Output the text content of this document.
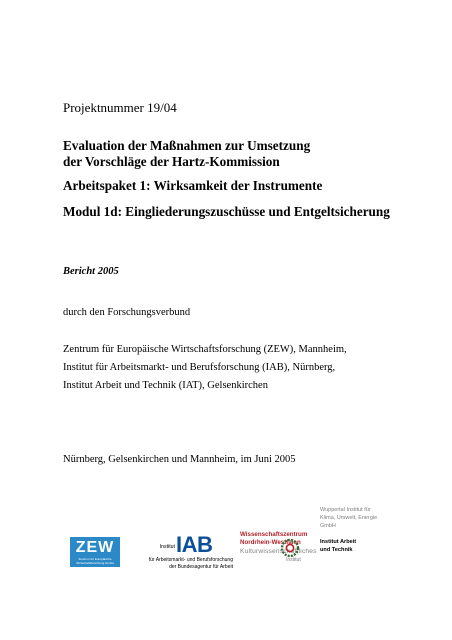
Projektnummer 19/04
Evaluation der Maßnahmen zur Umsetzung
der Vorschläge der Hartz-Kommission
Arbeitspaket 1: Wirksamkeit der Instrumente
Modul 1d: Eingliederungszuschüsse und Entgeltsicherung
Bericht 2005
durch den Forschungsverbund
Zentrum für Europäische Wirtschaftsforschung (ZEW), Mannheim,
Institut für Arbeitsmarkt- und Berufsforschung (IAB), Nürnberg,
Institut Arbeit und Technik (IAT), Gelsenkirchen
Nürnberg, Gelsenkirchen und Mannheim, im Juni 2005
ZEW
Zentrum für Europäische Wirtschaftsforschung GmbH
Institut IAB
für Arbeitsmarkt- und Berufsforschung
der Bundesagentur für Arbeit
Wissenschaftszentrum
Nordrhein-Westfalen
Kulturwissenschaftliches
Institut
Wuppertal Institut für
Klima, Umwelt, Energie
GmbH
Institut Arbeit
und Technik
